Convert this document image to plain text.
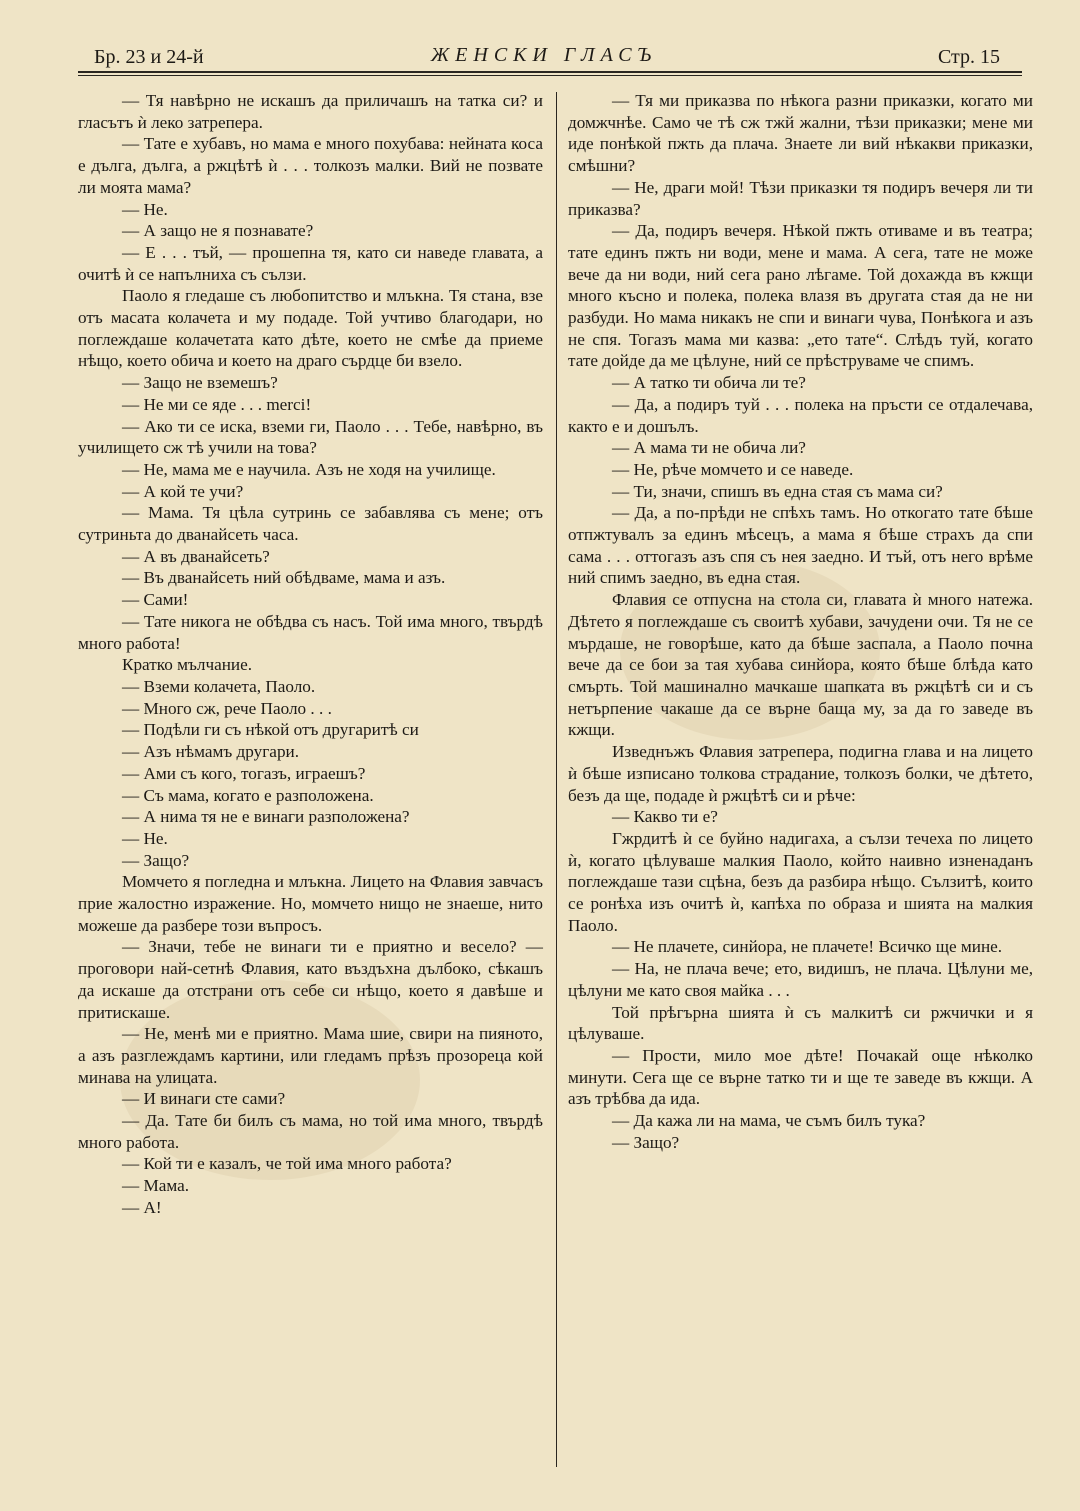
Бр. 23 и 24-й	ЖЕНСКИ ГЛАСЪ	Стр. 15

— Тя навѣрно не искашъ да приличашъ на татка си? и гласътъ ѝ леко затрепера.

— Тате е хубавъ, но мама е много похубава: нейната коса е дълга, дълга, а ржцѣтѣ ѝ . . . толкозъ малки. Вий не позвате ли моята мама?

— Не.

— А защо не я познавате?

— Е . . . тъй, — прошепна тя, като си наведе главата, а очитѣ ѝ се напълниха съ сълзи.

Паоло я гледаше съ любопитство и млъкна. Тя стана, взе отъ масата колачета и му подаде. Той учтиво благодари, но поглеждаше колачетата като дѣте, което не смѣе да приеме нѣщо, което обича и което на драго сърдце би взело.

— Защо не вземешъ?

— Не ми се яде . . . merci!

— Ако ти се иска, вземи ги, Паоло . . . Тебе, навѣрно, въ училището сж тѣ учили на това?

— Не, мама ме е научила. Азъ не ходя на училище.

— А кой те учи?

— Мама. Тя цѣла сутринь се забавлява съ мене; отъ сутриньта до дванайсеть часа.

— А въ дванайсеть?

— Въ дванайсеть ний обѣдваме, мама и азъ.

— Сами!

— Тате никога не обѣдва съ насъ. Той има много, твърдѣ много работа!

Кратко мълчание.

— Вземи колачета, Паоло.

— Много сж, рече Паоло . . .

— Подѣли ги съ нѣкой отъ другаритѣ си

— Азъ нѣмамъ другари.

— Ами съ кого, тогазъ, играешъ?

— Съ мама, когато е разположена.

— А нима тя не е винаги разположена?

— Не.

— Защо?

Момчето я погледна и млъкна. Лицето на Флавия завчасъ прие жалостно изражение. Но, момчето нищо не знаеше, нито можеше да разбере този въпросъ.

— Значи, тебе не винаги ти е приятно и весело? — проговори най-сетнѣ Флавия, като въздъхна дълбоко, сѣкашъ да искаше да отстрани отъ себе си нѣщо, което я давѣше и притискаше.

— Не, менѣ ми е приятно. Мама шие, свири на пияното, а азъ разглеждамъ картини, или гледамъ прѣзъ прозореца кой минава на улицата.

— И винаги сте сами?

— Да. Тате би билъ съ мама, но той има много, твърдѣ много работа.

— Кой ти е казалъ, че той има много работа?

— Мама.

— А!

— Тя ми приказва по нѣкога разни приказки, когато ми домжчнѣе. Само че тѣ сж тжй жални, тѣзи приказки; мене ми иде понѣкой пжть да плача. Знаете ли вий нѣкакви приказки, смѣшни?

— Не, драги мой! Тѣзи приказки тя подиръ вечеря ли ти приказва?

— Да, подиръ вечеря. Нѣкой пжть отиваме и въ театра; тате единъ пжть ни води, мене и мама. А сега, тате не може вече да ни води, ний сега рано лѣгаме. Той дохажда въ кжщи много късно и полека, полека влазя въ другата стая да не ни разбуди. Но мама никакъ не спи и винаги чува, Понѣкога и азъ не спя. Тогазъ мама ми казва: „ето тате“. Слѣдъ туй, когато тате дойде да ме цѣлуне, ний се прѣструваме че спимъ.

— А татко ти обича ли те?

— Да, а подиръ туй . . . полека на пръсти се отдалечава, както е и дошълъ.

— А мама ти не обича ли?

— Не, рѣче момчето и се наведе.

— Ти, значи, спишъ въ една стая съ мама си?

— Да, а по-прѣди не спѣхъ тамъ. Но откогато тате бѣше отпжтувалъ за единъ мѣсецъ, а мама я бѣше страхъ да спи сама . . . оттогазъ азъ спя съ нея заедно. И тъй, отъ него врѣме ний спимъ заедно, въ една стая.

Флавия се отпусна на стола си, главата ѝ много натежа. Дѣтето я поглеждаше съ своитѣ хубави, зачудени очи. Тя не се мърдаше, не говорѣше, като да бѣше заспала, а Паоло почна вече да се бои за тая хубава синйора, която бѣше блѣда като смърть. Той машинално мачкаше шапката въ ржцѣтѣ си и съ нетърпение чакаше да се върне баща му, за да го заведе въ кжщи.

Изведнъжъ Флавия затрепера, подигна глава и на лицето ѝ бѣше изписано толкова страдание, толкозъ болки, че дѣтето, безъ да ще, подаде ѝ ржцѣтѣ си и рѣче:

— Какво ти е?

Гжрдитѣ ѝ се буйно надигаха, а сълзи течеха по лицето ѝ, когато цѣлуваше малкия Паоло, който наивно изненаданъ поглеждаше тази сцѣна, безъ да разбира нѣщо. Сълзитѣ, които се ронѣха изъ очитѣ ѝ, капѣха по образа и шията на малкия Паоло.

— Не плачете, синйора, не плачете! Всичко ще мине.

— На, не плача вече; ето, видишъ, не плача. Цѣлуни ме, цѣлуни ме като своя майка . . .

Той прѣгърна шията ѝ съ малкитѣ си ржчички и я цѣлуваше.

— Прости, мило мое дѣте! Почакай още нѣколко минути. Сега ще се върне татко ти и ще те заведе въ кжщи. А азъ трѣбва да ида.

— Да кажа ли на мама, че съмъ билъ тука?

— Защо?
